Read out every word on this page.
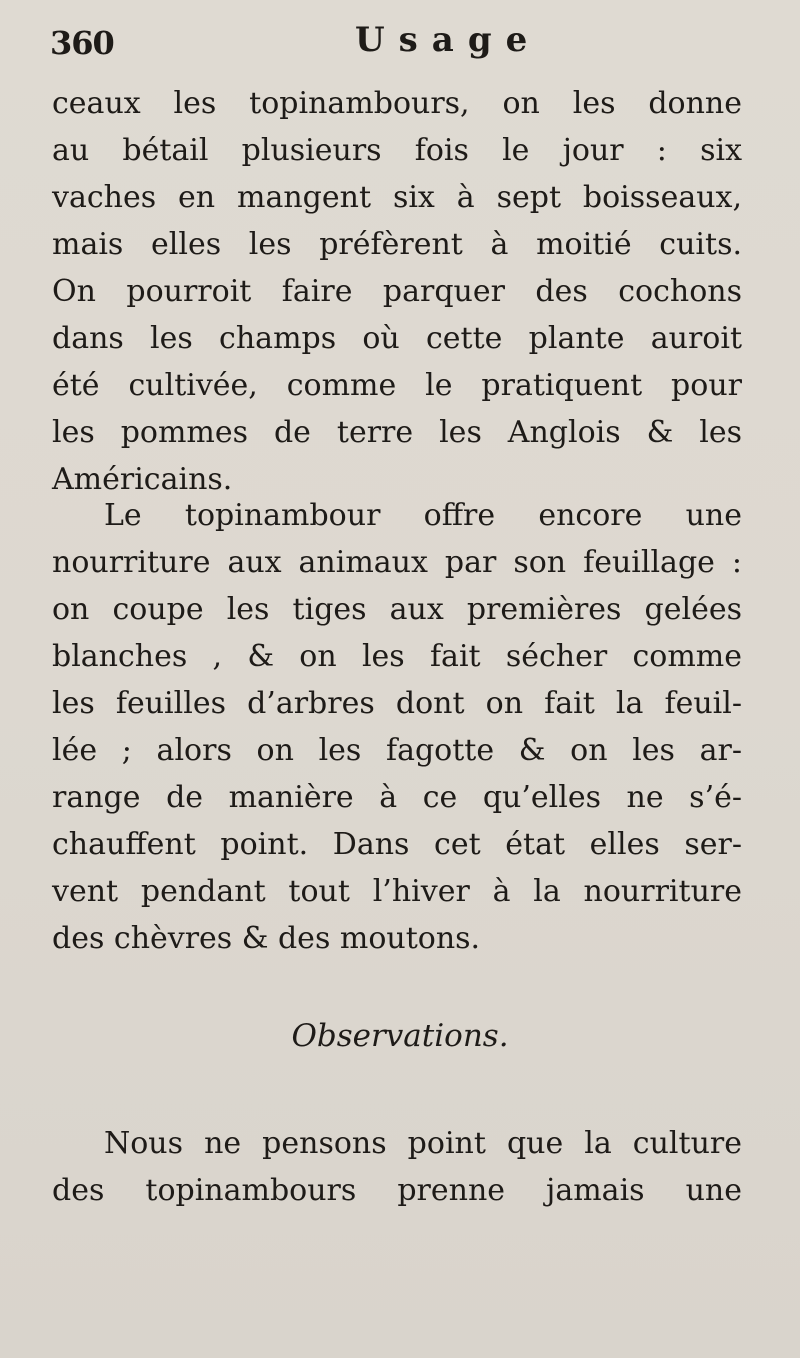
360	Usage
ceaux les topinambours, on les donne
au bétail plusieurs fois le jour : six
vaches en mangent six à sept boisseaux,
mais elles les préfèrent à moitié cuits.
On pourroit faire parquer des cochons
dans les champs où cette plante auroit
été cultivée, comme le pratiquent pour
les pommes de terre les Anglois & les
Américains.
Le topinambour offre encore une
nourriture aux animaux par son feuillage :
on coupe les tiges aux premières gelées
blanches , & on les fait sécher comme
les feuilles d’arbres dont on fait la feuil-
lée ; alors on les fagotte & on les ar-
range de manière à ce qu’elles ne s’é-
chauffent point. Dans cet état elles ser-
vent pendant tout l’hiver à la nourriture
des chèvres & des moutons.
Observations.
Nous ne pensons point que la culture
des topinambours prenne jamais une
